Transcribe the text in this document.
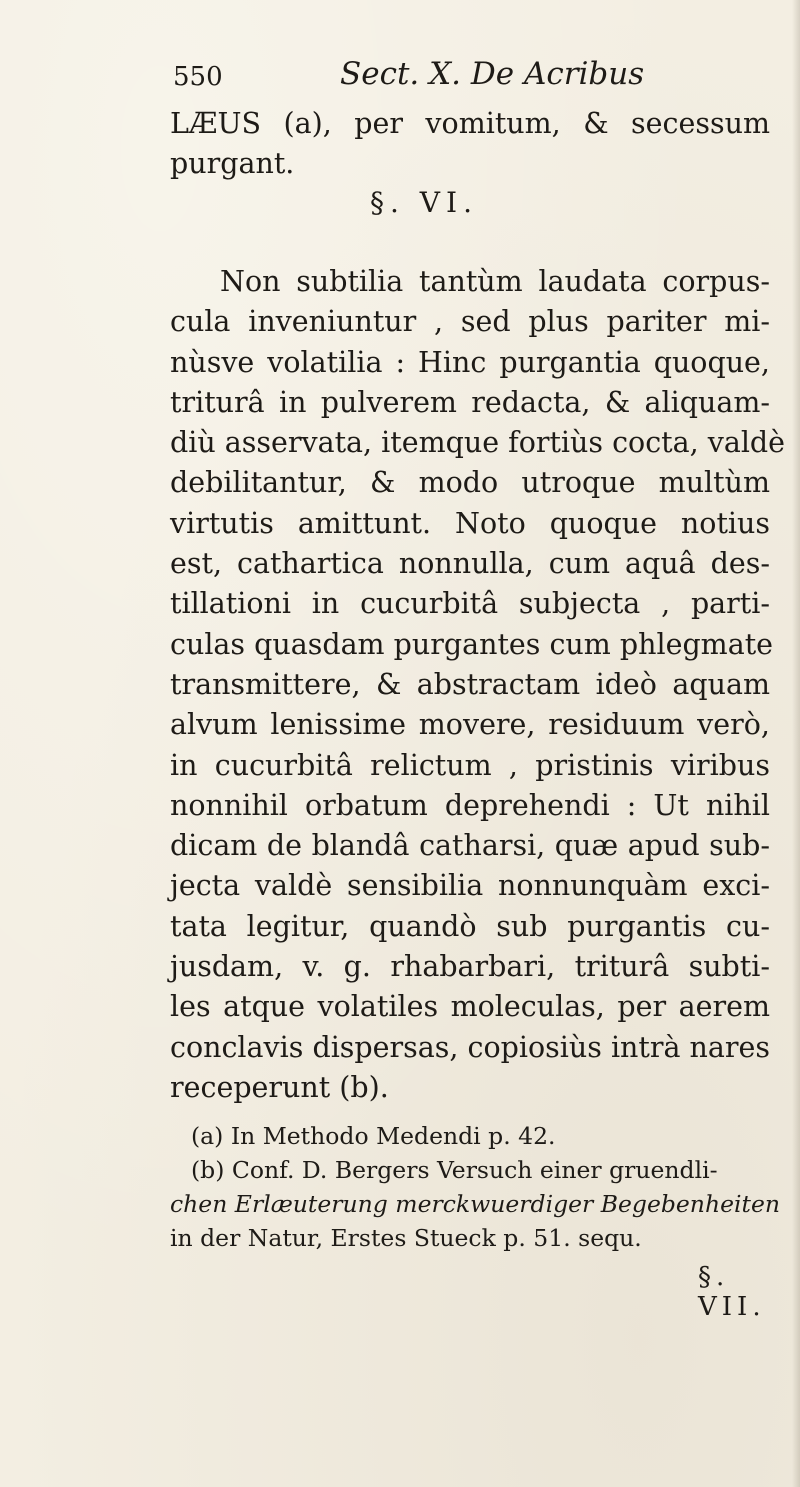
550	Sect. X. De Acribus
LÆUS (a), per vomitum, & secessum
purgant.
§. VI.
Non subtilia tantùm laudata corpus-
cula inveniuntur , sed plus pariter mi-
nùsve volatilia : Hinc purgantia quoque,
triturâ in pulverem redacta, & aliquam-
diù asservata, itemque fortiùs cocta, valdè
debilitantur, & modo utroque multùm
virtutis amittunt. Noto quoque notius
est, cathartica nonnulla, cum aquâ des-
tillationi in cucurbitâ subjecta , parti-
culas quasdam purgantes cum phlegmate
transmittere, & abstractam ideò aquam
alvum lenissime movere, residuum verò,
in cucurbitâ relictum , pristinis viribus
nonnihil orbatum deprehendi : Ut nihil
dicam de blandâ catharsi, quæ apud sub-
jecta valdè sensibilia nonnunquàm exci-
tata legitur, quandò sub purgantis cu-
jusdam, v. g. rhabarbari, triturâ subti-
les atque volatiles moleculas, per aerem
conclavis dispersas, copiosiùs intrà nares
receperunt (b).
(a) In Methodo Medendi p. 42.
(b) Conf. D. Bergers Versuch einer gruendli-
chen Erlæuterung merckwuerdiger Begebenheiten
in der Natur, Erstes Stueck p. 51. sequ.
§. VII.
